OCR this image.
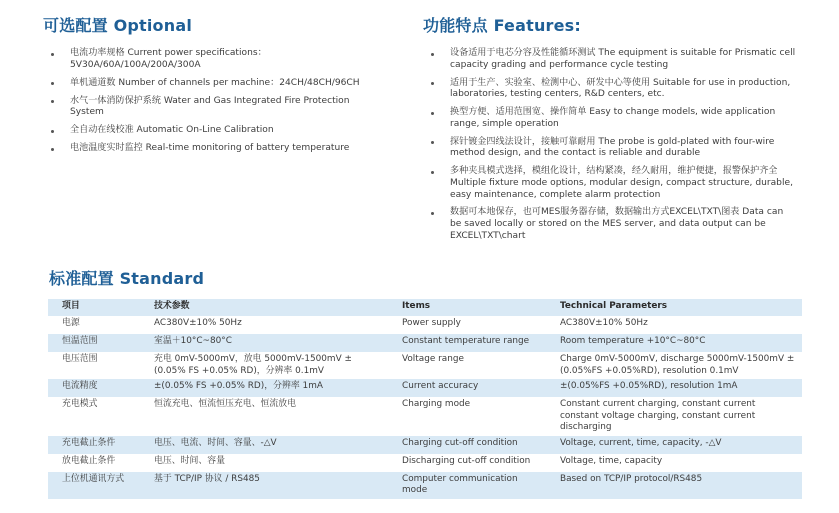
可选配置 Optional
电流功率规格 Current power specifications：5V30A/60A/100A/200A/300A
单机通道数 Number of channels per machine：24CH/48CH/96CH
水气一体消防保护系统 Water and Gas Integrated Fire Protection System
全自动在线校准 Automatic On-Line Calibration
电池温度实时监控 Real-time monitoring of battery temperature
功能特点 Features:
设备适用于电芯分容及性能循环测试 The equipment is suitable for Prismatic cell capacity grading and performance cycle testing
适用于生产、实验室、检测中心、研发中心等使用 Suitable for use in production, laboratories, testing centers, R&D centers, etc.
换型方便、适用范围宽、操作简单 Easy to change models, wide application range, simple operation
探针镀金四线法设计，接触可靠耐用 The probe is gold-plated with four-wire method design, and the contact is reliable and durable
多种夹具模式选择，模组化设计，结构紧凑，经久耐用，维护便捷，报警保护齐全 Multiple fixture mode options, modular design, compact structure, durable, easy maintenance, complete alarm protection
数据可本地保存，也可MES服务器存储，数据输出方式EXCEL\TXT\图表 Data can be saved locally or stored on the MES server, and data output can be EXCEL\TXT\chart
标准配置 Standard
项目	技术参数	Items	Technical Parameters
电源	AC380V±10% 50Hz	Power supply	AC380V±10% 50Hz
恒温范围	室温＋10°C~80°C	Constant temperature range	Room temperature +10°C~80°C
电压范围	充电 0mV-5000mV，放电 5000mV-1500mV ±(0.05% FS +0.05% RD)，分辨率 0.1mV	Voltage range	Charge 0mV-5000mV, discharge 5000mV-1500mV ±(0.05%FS +0.05%RD), resolution 0.1mV
电流精度	±(0.05% FS +0.05% RD)，分辨率 1mA	Current accuracy	±(0.05%FS +0.05%RD), resolution 1mA
充电模式	恒流充电、恒流恒压充电、恒流放电	Charging mode	Constant current charging, constant current constant voltage charging, constant current discharging
充电截止条件	电压、电流、时间、容量、-△V	Charging cut-off condition	Voltage, current, time, capacity, -△V
放电截止条件	电压、时间、容量	Discharging cut-off condition	Voltage, time, capacity
上位机通讯方式	基于 TCP/IP 协议 / RS485	Computer communication mode	Based on TCP/IP protocol/RS485
